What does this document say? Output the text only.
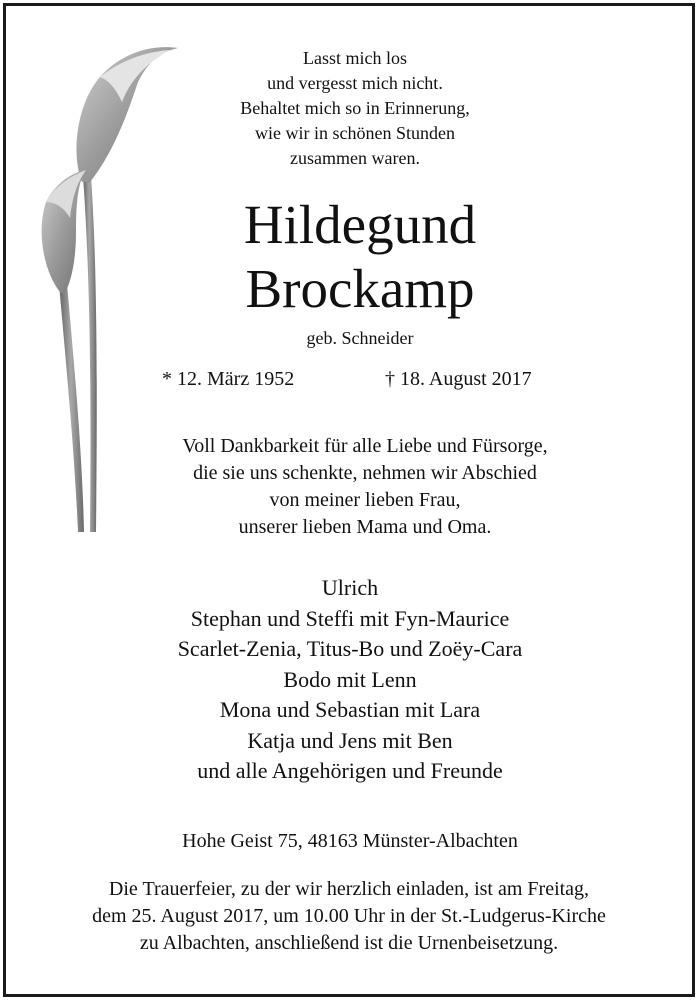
Lasst mich los
und vergesst mich nicht.
Behaltet mich so in Erinnerung,
wie wir in schönen Stunden
zusammen waren.
Hildegund
Brockamp
geb. Schneider
* 12. März 1952	† 18. August 2017
Voll Dankbarkeit für alle Liebe und Fürsorge,
die sie uns schenkte, nehmen wir Abschied
von meiner lieben Frau,
unserer lieben Mama und Oma.
Ulrich
Stephan und Steffi mit Fyn-Maurice
Scarlet-Zenia, Titus-Bo und Zoëy-Cara
Bodo mit Lenn
Mona und Sebastian mit Lara
Katja und Jens mit Ben
und alle Angehörigen und Freunde
Hohe Geist 75, 48163 Münster-Albachten
Die Trauerfeier, zu der wir herzlich einladen, ist am Freitag,
dem 25. August 2017, um 10.00 Uhr in der St.-Ludgerus-Kirche
zu Albachten, anschließend ist die Urnenbeisetzung.
